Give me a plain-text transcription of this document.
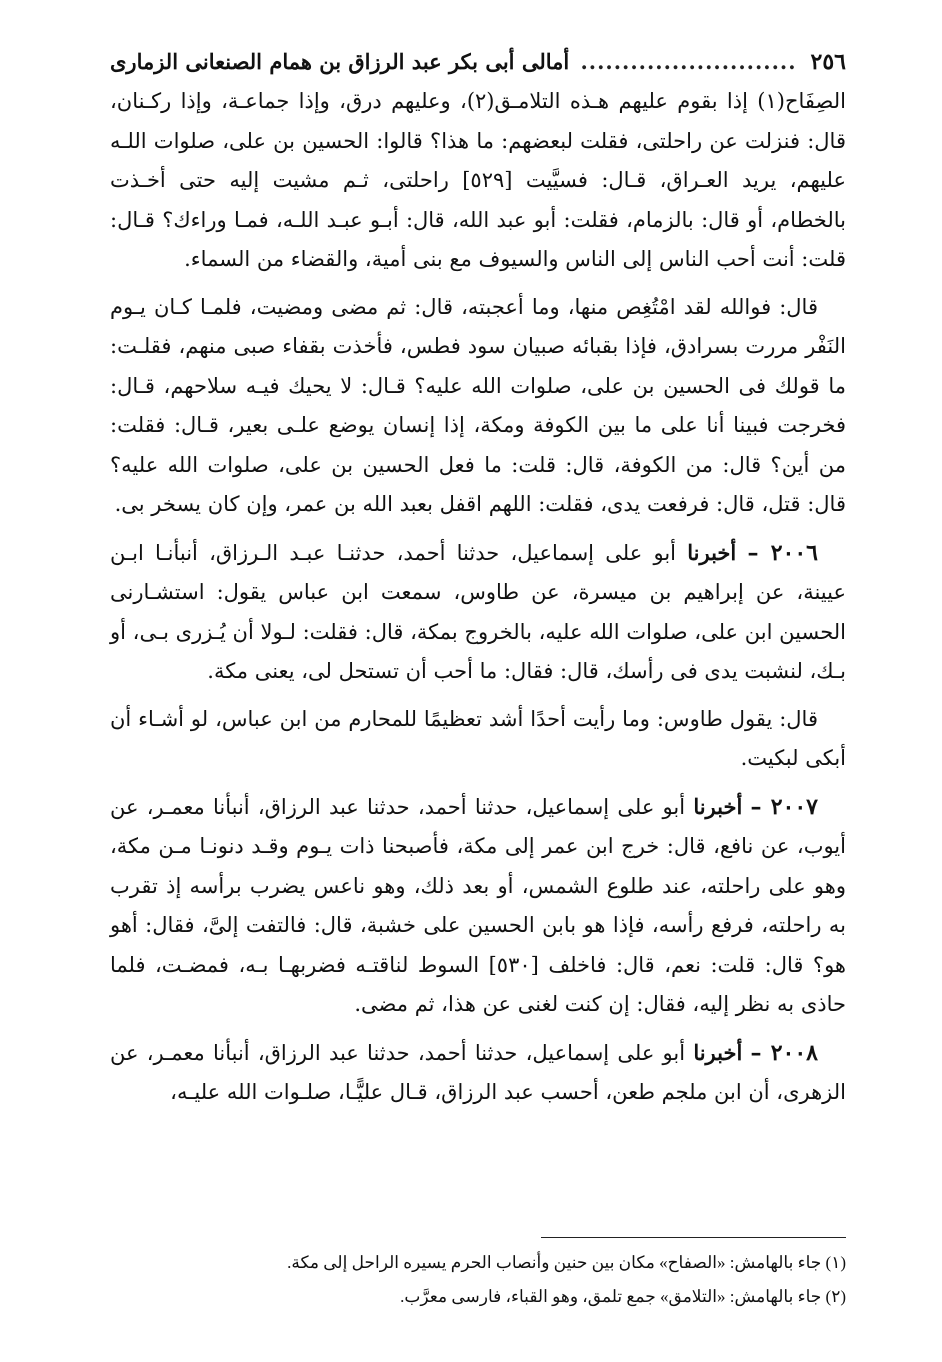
٢٥٦
..........................
أمالى أبى بكر عبد الرزاق بن همام الصنعانى الزمارى

الصِفَاح(١) إذا بقوم عليهم هـذه التلامـق(٢)، وعليهم درق، وإذا جماعـة، وإذا ركـنان، قال: فنزلت عن راحلتى، فقلت لبعضهم: ما هذا؟ قالوا: الحسين بن على، صلوات اللـه عليهم، يريد العـراق، قـال: فسيَّيت [٥٢٩] راحلتى، ثـم مشيت إليه حتى أخـذت بالخطام، أو قال: بالزمام، فقلت: أبو عبد الله، قال: أبـو عبـد اللـه، فمـا وراءك؟ قـال: قلت: أنت أحب الناس إلى الناس والسيوف مع بنى أمية، والقضاء من السماء.

قال: فوالله لقد امْتُغِص منها، وما أعجبته، قال: ثم مضى ومضيت، فلمـا كـان يـوم النَفْر مررت بسرادق، فإذا بقبائه صبيان سود فطس، فأخذت بقفاء صبى منهم، فقلـت: ما قولك فى الحسين بن على، صلوات الله عليه؟ قـال: لا يحيك فيـه سلاحهم، قـال: فخرجت فبينا أنا على ما بين الكوفة ومكة، إذا إنسان يوضع علـى بعير، قـال: فقلت: من أين؟ قال: من الكوفة، قال: قلت: ما فعل الحسين بن على، صلوات الله عليه؟ قال: قتل، قال: فرفعت يدى، فقلت: اللهم اقفل بعبد الله بن عمر، وإن كان يسخر بى.

٢٠٠٦ – أخبرنا أبو على إسماعيل، حدثنا أحمد، حدثنـا عبـد الـرزاق، أنبأنـا ابـن عيينة، عن إبراهيم بن ميسرة، عن طاوس، سمعت ابن عباس يقول: استشـارنى الحسين ابن على، صلوات الله عليه، بالخروج بمكة، قال: فقلت: لـولا أن يُـزرى بـى، أو بـك، لنشبت يدى فى رأسك، قال: فقال: ما أحب أن تستحل لى، يعنى مكة.

قال: يقول طاوس: وما رأيت أحدًا أشد تعظيمًا للمحارم من ابن عباس، لو أشـاء أن أبكى لبكيت.

٢٠٠٧ – أخبرنا أبو على إسماعيل، حدثنا أحمد، حدثنا عبد الرزاق، أنبأنا معمـر، عن أيوب، عن نافع، قال: خرج ابن عمر إلى مكة، فأصبحنا ذات يـوم وقـد دنونـا مـن مكة، وهو على راحلته، عند طلوع الشمس، أو بعد ذلك، وهو ناعس يضرب برأسه إذ تقرب به راحلته، فرفع رأسه، فإذا هو بابن الحسين على خشبة، قال: فالتفت إلىَّ، فقال: أهو هو؟ قال: قلت: نعم، قال: فاخلف [٥٣٠] السوط لناقتـه فضربهـا بـه، فمضـت، فلما حاذى به نظر إليه، فقال: إن كنت لغنى عن هذا، ثم مضى.

٢٠٠٨ – أخبرنا أبو على إسماعيل، حدثنا أحمد، حدثنا عبد الرزاق، أنبأنا معمـر، عن الزهرى، أن ابن ملجم طعن، أحسب عبد الرزاق، قـال عليًّـا، صلـوات الله عليـه،

(١) جاء بالهامش: «الصفاح» مكان بين حنين وأنصاب الحرم يسيره الراحل إلى مكة.

(٢) جاء بالهامش: «التلامق» جمع تلمق، وهو القباء، فارسى معرَّب.
